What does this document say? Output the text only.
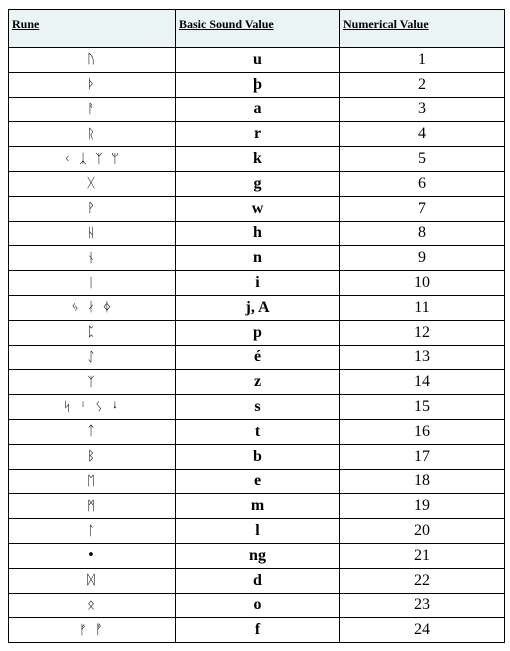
Rune	Basic Sound Value	Numerical Value

ᚢ	u	1
ᚦ	þ	2
ᚨ	a	3
ᚱ	r	4
ᚲ ᛣ ᛉ ᛘ	k	5
ᚷ	g	6
ᚹ	w	7
ᚺ	h	8
ᚾ	n	9
ᛁ	i	10
ᛃ ᛅ ᛄ	j, A	11
ᛈ	p	12
ᛇ	é	13
ᛉ	z	14
ᛋ ᛌ ᛊ ᛍ	s	15
ᛏ	t	16
ᛒ	b	17
ᛖ	e	18
ᛗ	m	19
ᛚ	l	20
•	ng	21
ᛞ	d	22
ᛟ	o	23
ᚠ ᚡ	f	24
